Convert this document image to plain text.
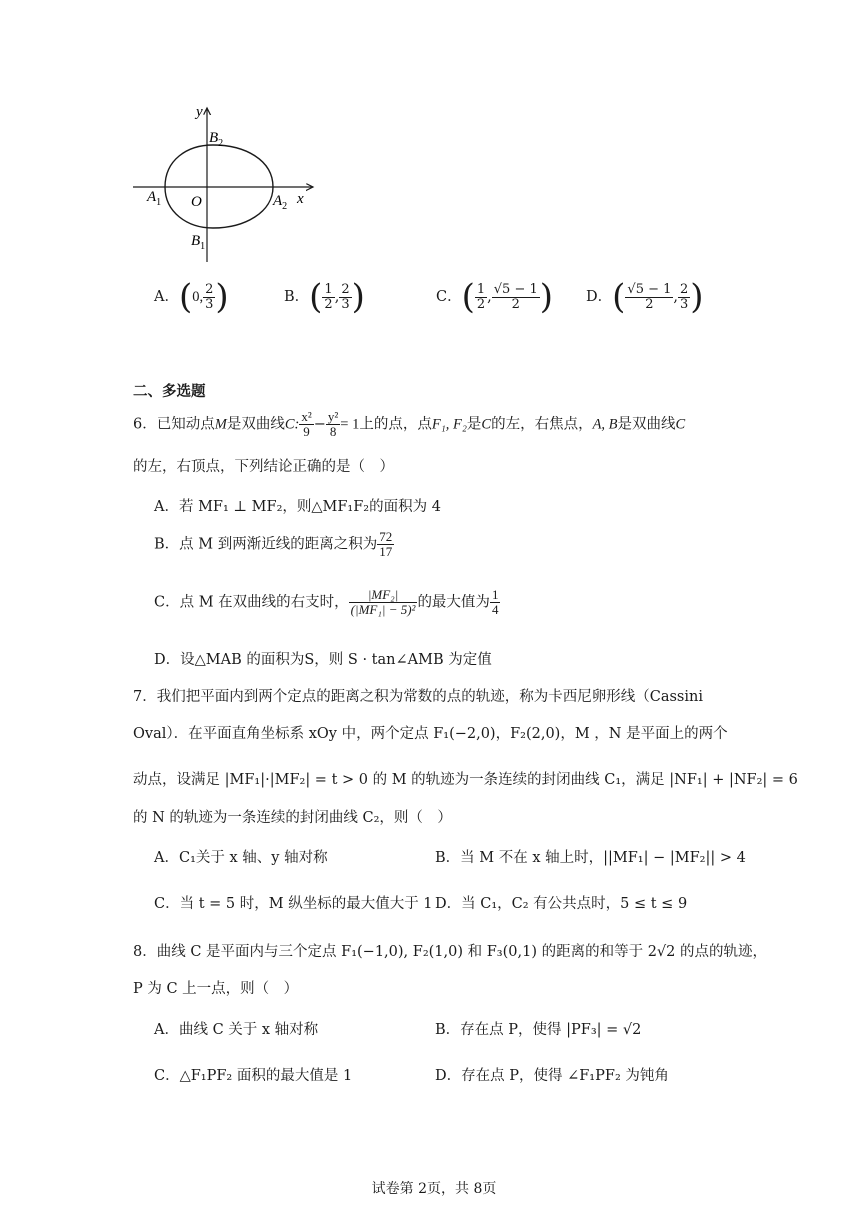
y
x
O
$B_2$
$B_1$
$A_1$	$A_2$
A．(0, $\frac{2}{3}$ )	B．( $\frac{1}{2}$ , $\frac{2}{3}$ )	C．( $\frac{1}{2}$ , $\frac{√5 - 1}{2}$ ) D．( $\frac{√5 - 1}{2}$ , $\frac{2}{3}$ )
二、多选题
6．已知动点M是双曲线C: $\frac{\text{x²}}{9} - \frac{\text{y²}}{8} = 1$上的点，点F₁, F₂是C的左，右焦点，A, B是双曲线C
的左，右顶点，下列结论正确的是（　）
A．若 MF₁ ⊥ MF₂，则△MF₁F₂的面积为 4
B．点 M 到两渐近线的距离之积为 $\frac{72}{17}$
C．点 M 在双曲线的右支时， $\frac{\text{|MF₂|}}{\text{(|MF₁| − 5)²}}$ 的最大值为 $\frac{1}{4}$
D．设△MAB 的面积为S，则 S · tan∠AMB 为定值
7．我们把平面内到两个定点的距离之积为常数的点的轨迹，称为卡西尼卵形线（Cassini
Oval）．在平面直角坐标系 xOy 中，两个定点 F₁(−2,0)，F₂(2,0)，M ，N 是平面上的两个
动点，设满足 |MF₁|·|MF₂| = t > 0 的 M 的轨迹为一条连续的封闭曲线 C₁，满足 |NF₁| + |NF₂| = 6
的 N 的轨迹为一条连续的封闭曲线 C₂，则（　）
A．C₁关于 x 轴、y 轴对称	B．当 M 不在 x 轴上时，||MF₁| − |MF₂|| > 4
C．当 t = 5 时，M 纵坐标的最大值大于 1 D．当 C₁，C₂ 有公共点时，5 ≤ t ≤ 9
8．曲线 C 是平面内与三个定点 F₁(−1,0), F₂(1,0) 和 F₃(0,1) 的距离的和等于 2√2 的点的轨迹，
P 为 C 上一点，则（　）
A．曲线 C 关于 x 轴对称	B．存在点 P，使得 |PF₃| = √2
C．△F₁PF₂ 面积的最大值是 1	D．存在点 P，使得 ∠F₁PF₂ 为钝角
试卷第 2页，共 8页
